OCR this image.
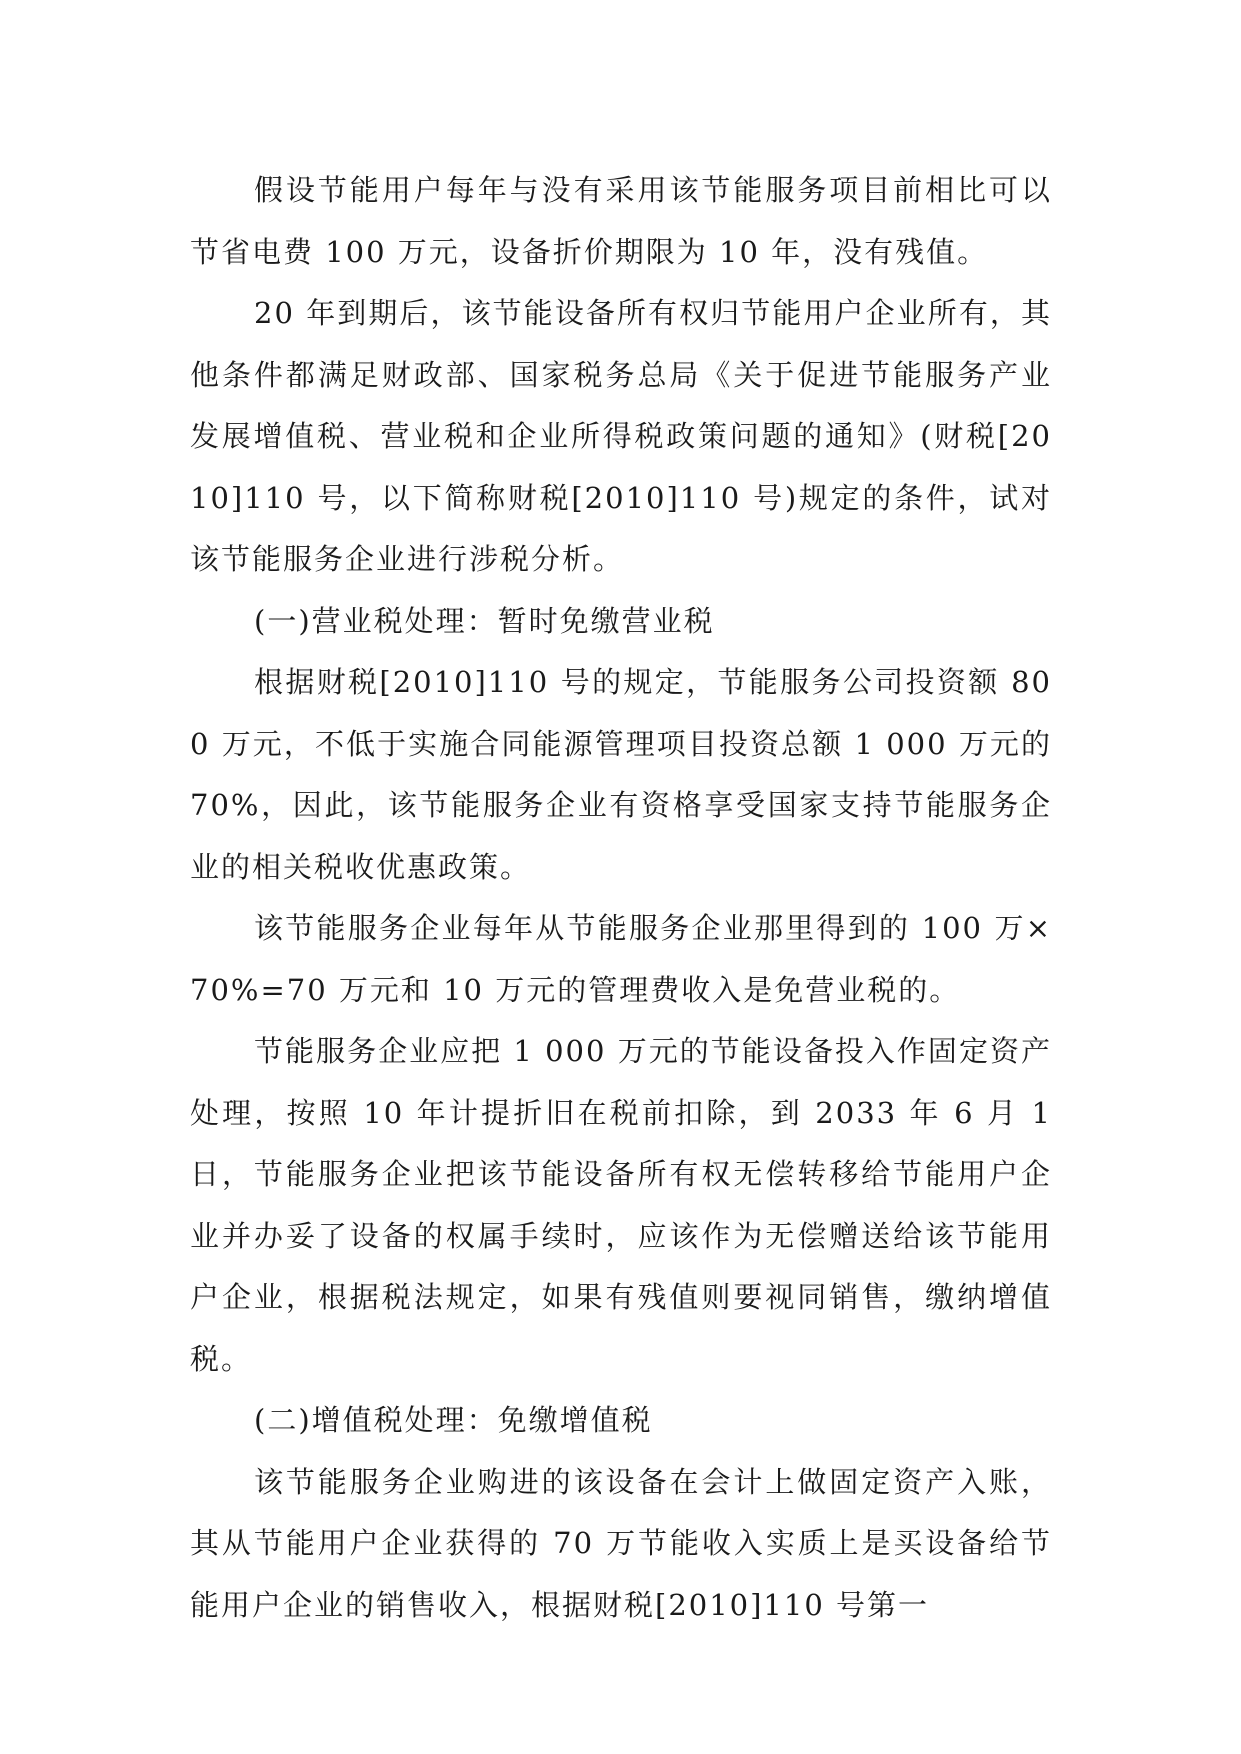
假设节能用户每年与没有采用该节能服务项目前相比可以节省电费 100 万元，设备折价期限为 10 年，没有残值。

20 年到期后，该节能设备所有权归节能用户企业所有，其他条件都满足财政部、国家税务总局《关于促进节能服务产业发展增值税、营业税和企业所得税政策问题的通知》(财税[2010]110 号，以下简称财税[2010]110 号)规定的条件，试对该节能服务企业进行涉税分析。

(一)营业税处理：暂时免缴营业税

根据财税[2010]110 号的规定，节能服务公司投资额 800 万元，不低于实施合同能源管理项目投资总额 1 000 万元的 70%，因此，该节能服务企业有资格享受国家支持节能服务企业的相关税收优惠政策。

该节能服务企业每年从节能服务企业那里得到的 100 万×70%=70 万元和 10 万元的管理费收入是免营业税的。

节能服务企业应把 1 000 万元的节能设备投入作固定资产处理，按照 10 年计提折旧在税前扣除，到 2033 年 6 月 1 日，节能服务企业把该节能设备所有权无偿转移给节能用户企业并办妥了设备的权属手续时，应该作为无偿赠送给该节能用户企业，根据税法规定，如果有残值则要视同销售，缴纳增值税。

(二)增值税处理：免缴增值税

该节能服务企业购进的该设备在会计上做固定资产入账，其从节能用户企业获得的 70 万节能收入实质上是买设备给节能用户企业的销售收入，根据财税[2010]110 号第一
